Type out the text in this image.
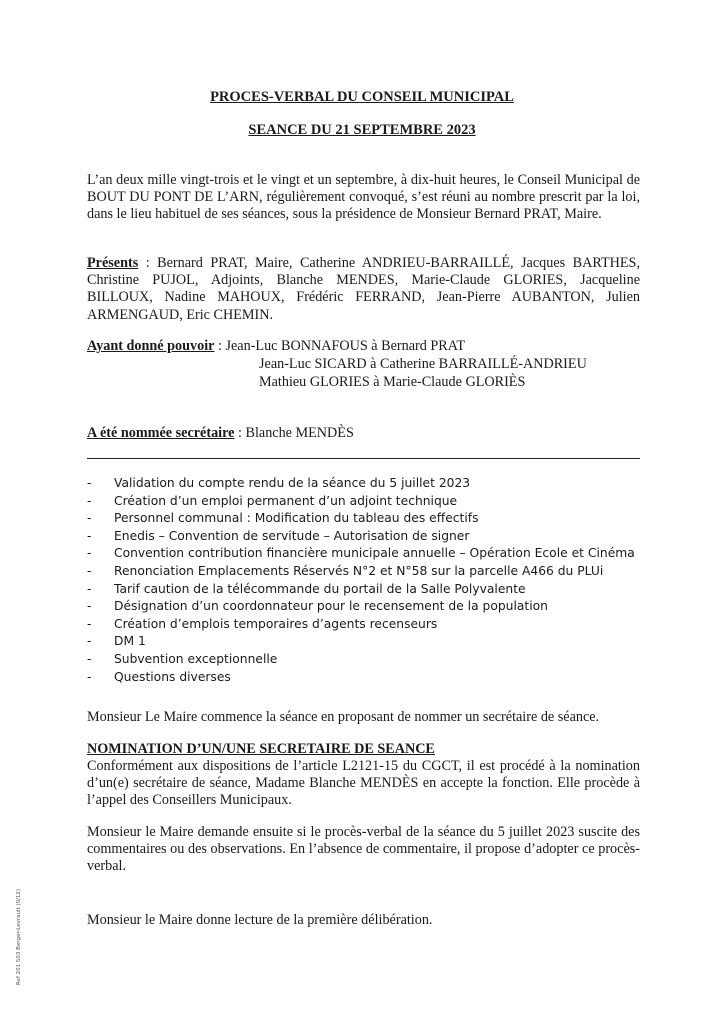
PROCES-VERBAL DU CONSEIL MUNICIPAL
SEANCE DU 21 SEPTEMBRE 2023
L’an deux mille vingt-trois et le vingt et un septembre, à dix-huit heures, le Conseil Municipal de BOUT DU PONT DE L’ARN, régulièrement convoqué, s’est réuni au nombre prescrit par la loi, dans le lieu habituel de ses séances, sous la présidence de Monsieur Bernard PRAT, Maire.
Présents : Bernard PRAT, Maire, Catherine ANDRIEU-BARRAILLÉ, Jacques BARTHES, Christine PUJOL, Adjoints, Blanche MENDES, Marie-Claude GLORIES, Jacqueline BILLOUX, Nadine MAHOUX, Frédéric FERRAND, Jean-Pierre AUBANTON, Julien ARMENGAUD, Eric CHEMIN.
Ayant donné pouvoir : Jean-Luc BONNAFOUS à Bernard PRAT
Jean-Luc SICARD à Catherine BARRAILLÉ-ANDRIEU
Mathieu GLORIES à Marie-Claude GLORIÈS
A été nommée secrétaire : Blanche MENDÈS
- Validation du compte rendu de la séance du 5 juillet 2023
- Création d’un emploi permanent d’un adjoint technique
- Personnel communal : Modification du tableau des effectifs
- Enedis – Convention de servitude – Autorisation de signer
- Convention contribution financière municipale annuelle – Opération Ecole et Cinéma
- Renonciation Emplacements Réservés N°2 et N°58 sur la parcelle A466 du PLUi
- Tarif caution de la télécommande du portail de la Salle Polyvalente
- Désignation d’un coordonnateur pour le recensement de la population
- Création d’emplois temporaires d’agents recenseurs
- DM 1
- Subvention exceptionnelle
- Questions diverses
Monsieur Le Maire commence la séance en proposant de nommer un secrétaire de séance.
NOMINATION D’UN/UNE SECRETAIRE DE SEANCE
Conformément aux dispositions de l’article L2121-15 du CGCT, il est procédé à la nomination d’un(e) secrétaire de séance, Madame Blanche MENDÈS en accepte la fonction. Elle procède à l’appel des Conseillers Municipaux.
Monsieur le Maire demande ensuite si le procès-verbal de la séance du 5 juillet 2023 suscite des commentaires ou des observations. En l’absence de commentaire, il propose d’adopter ce procès-verbal.
Monsieur le Maire donne lecture de la première délibération.
Ref 201 503 Berger-Levrault (0/12)
